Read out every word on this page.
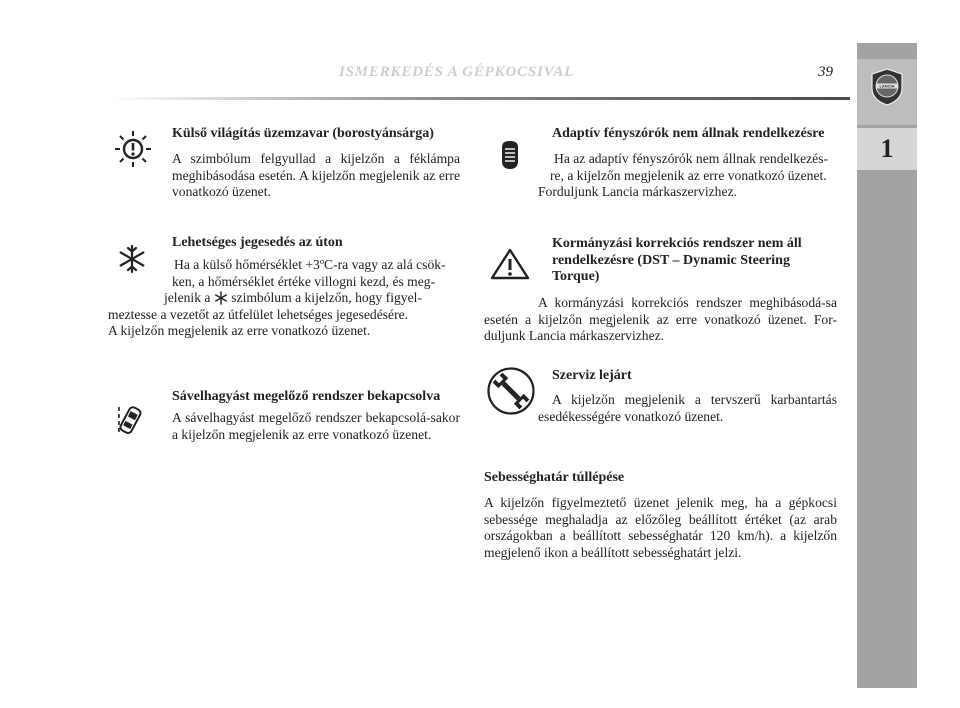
LANCIA
1
ISMERKEDÉS A GÉPKOCSIVAL	39
Külső világítás üzemzavar (borostyánsárga)
A szimbólum felgyullad a kijelzőn a féklámpa meghibásodása esetén. A kijelzőn megjelenik az erre vonatkozó üzenet.
Lehetséges jegesedés az úton
Ha a külső hőmérséklet +3ºC-ra vagy az alá csök-
ken, a hőmérséklet értéke villogni kezd, és meg-
jelenik a szimbólum a kijelzőn, hogy figyel-
meztesse a vezetőt az útfelület lehetséges jegesedésére.
A kijelzőn megjelenik az erre vonatkozó üzenet.
Sávelhagyást megelőző rendszer bekapcsolva
A sávelhagyást megelőző rendszer bekapcsolá-sakor a kijelzőn megjelenik az erre vonatkozó üzenet.
Adaptív fényszórók nem állnak rendelkezésre
Ha az adaptív fényszórók nem állnak rendelkezés-
re, a kijelzőn megjelenik az erre vonatkozó üzenet.
Forduljunk Lancia márkaszervizhez.
Kormányzási korrekciós rendszer nem áll rendelkezésre (DST – Dynamic Steering Torque)
A kormányzási korrekciós rendszer meghibásodá-sa esetén a kijelzőn megjelenik az erre vonatkozó üzenet. For-duljunk Lancia márkaszervizhez.
Szerviz lejárt
A kijelzőn megjelenik a tervszerű karbantartás esedékességére vonatkozó üzenet.
Sebességhatár túllépése
A kijelzőn figyelmeztető üzenet jelenik meg, ha a gépkocsi sebessége meghaladja az előzőleg beállított értéket (az arab országokban a beállított sebességhatár 120 km/h). a kijelzőn megjelenő ikon a beállított sebességhatárt jelzi.
